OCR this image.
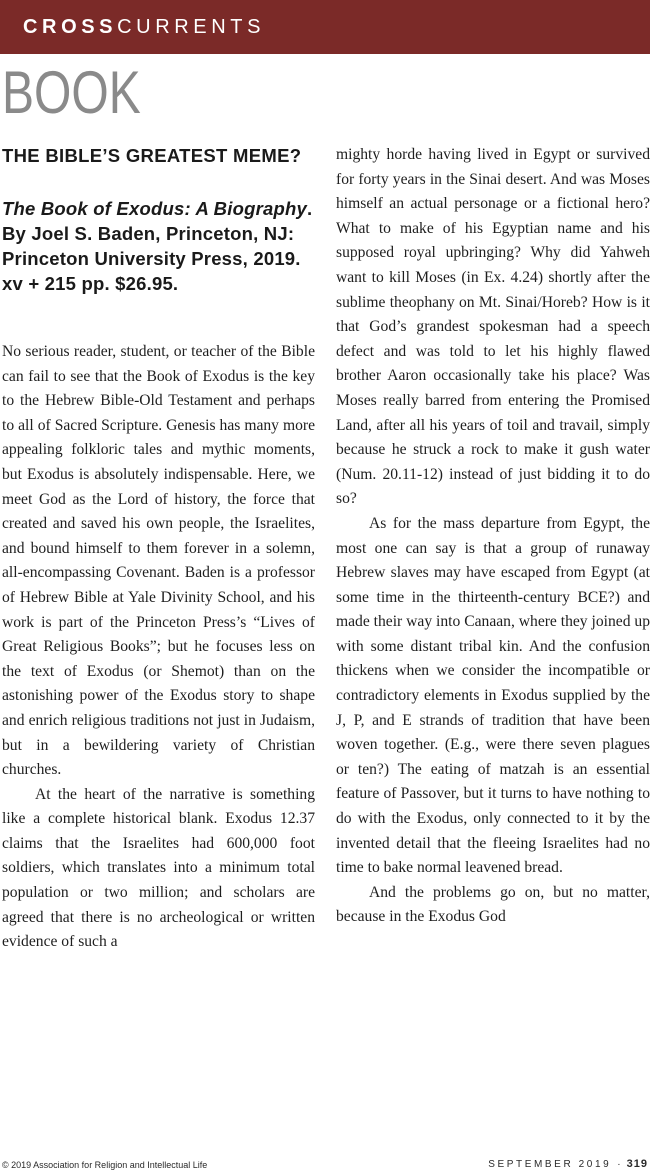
CROSSCURRENTS
BOOK
THE BIBLE’S GREATEST MEME?
The Book of Exodus: A Biography. By Joel S. Baden, Princeton, NJ: Princeton University Press, 2019. xv + 215 pp. $26.95.

No serious reader, student, or teacher of the Bible can fail to see that the Book of Exodus is the key to the Hebrew Bible-Old Testament and perhaps to all of Sacred Scripture. Genesis has many more appealing folkloric tales and mythic moments, but Exodus is absolutely indispensable. Here, we meet God as the Lord of history, the force that created and saved his own people, the Israelites, and bound himself to them forever in a solemn, all-encompassing Covenant. Baden is a professor of Hebrew Bible at Yale Divinity School, and his work is part of the Princeton Press’s “Lives of Great Religious Books”; but he focuses less on the text of Exodus (or Shemot) than on the astonishing power of the Exodus story to shape and enrich religious traditions not just in Judaism, but in a bewildering variety of Christian churches.

At the heart of the narrative is something like a complete historical blank. Exodus 12.37 claims that the Israelites had 600,000 foot soldiers, which translates into a minimum total population or two million; and scholars are agreed that there is no archeological or written evidence of such a

mighty horde having lived in Egypt or survived for forty years in the Sinai desert. And was Moses himself an actual personage or a fictional hero? What to make of his Egyptian name and his supposed royal upbringing? Why did Yahweh want to kill Moses (in Ex. 4.24) shortly after the sublime theophany on Mt. Sinai/Horeb? How is it that God’s grandest spokesman had a speech defect and was told to let his highly flawed brother Aaron occasionally take his place? Was Moses really barred from entering the Promised Land, after all his years of toil and travail, simply because he struck a rock to make it gush water (Num. 20.11-12) instead of just bidding it to do so?

As for the mass departure from Egypt, the most one can say is that a group of runaway Hebrew slaves may have escaped from Egypt (at some time in the thirteenth-century BCE?) and made their way into Canaan, where they joined up with some distant tribal kin. And the confusion thickens when we consider the incompatible or contradictory elements in Exodus supplied by the J, P, and E strands of tradition that have been woven together. (E.g., were there seven plagues or ten?) The eating of matzah is an essential feature of Passover, but it turns to have nothing to do with the Exodus, only connected to it by the invented detail that the fleeing Israelites had no time to bake normal leavened bread.

And the problems go on, but no matter, because in the Exodus God

© 2019 Association for Religion and Intellectual Life	SEPTEMBER 2019 · 319
